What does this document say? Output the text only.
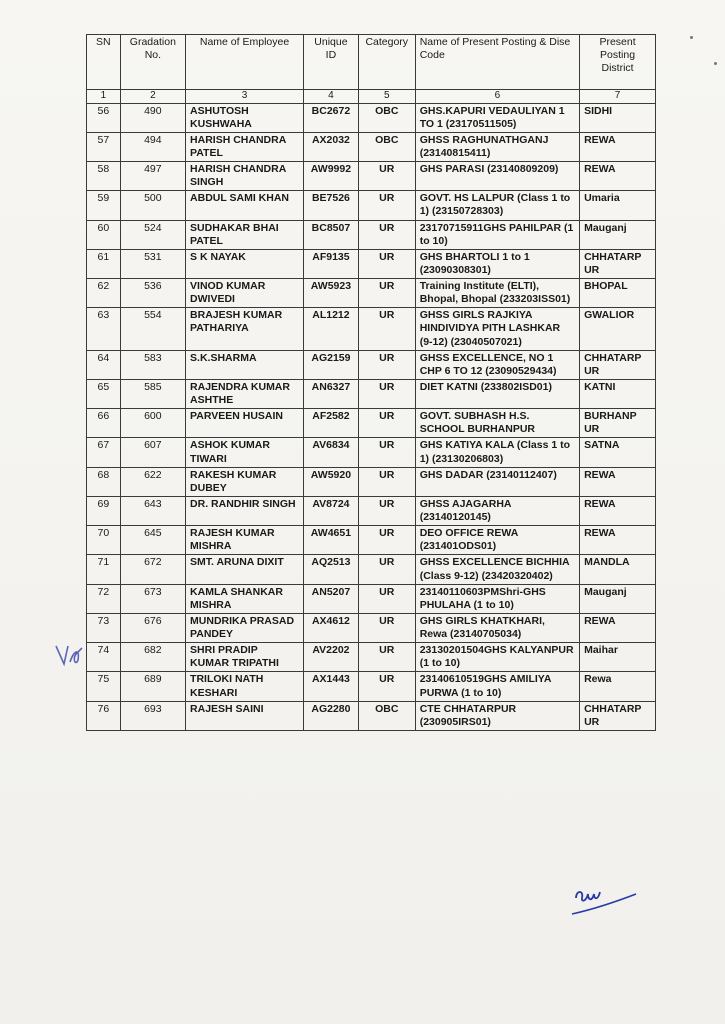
SN	Gradation No.	Name of Employee	Unique ID	Category	Name of Present Posting & Dise Code	Present Posting District
1	2	3	4	5	6	7
56	490	ASHUTOSH KUSHWAHA	BC2672	OBC	GHS.KAPURI VEDAULIYAN 1 TO 1 (23170511505)	SIDHI
57	494	HARISH CHANDRA PATEL	AX2032	OBC	GHSS RAGHUNATHGANJ (23140815411)	REWA
58	497	HARISH CHANDRA SINGH	AW9992	UR	GHS PARASI (23140809209)	REWA
59	500	ABDUL SAMI KHAN	BE7526	UR	GOVT. HS LALPUR (Class 1 to 1) (23150728303)	Umaria
60	524	SUDHAKAR BHAI PATEL	BC8507	UR	23170715911GHS PAHILPAR (1 to 10)	Mauganj
61	531	S K NAYAK	AF9135	UR	GHS BHARTOLI 1 to 1 (23090308301)	CHHATARP UR
62	536	VINOD KUMAR DWIVEDI	AW5923	UR	Training Institute (ELTI), Bhopal, Bhopal (233203ISS01)	BHOPAL
63	554	BRAJESH KUMAR PATHARIYA	AL1212	UR	GHSS GIRLS RAJKIYA HINDIVIDYA PITH LASHKAR (9-12) (23040507021)	GWALIOR
64	583	S.K.SHARMA	AG2159	UR	GHSS EXCELLENCE, NO 1 CHP 6 TO 12 (23090529434)	CHHATARP UR
65	585	RAJENDRA KUMAR ASHTHE	AN6327	UR	DIET KATNI (233802ISD01)	KATNI
66	600	PARVEEN HUSAIN	AF2582	UR	GOVT. SUBHASH H.S. SCHOOL BURHANPUR	BURHANP UR
67	607	ASHOK KUMAR TIWARI	AV6834	UR	GHS KATIYA KALA (Class 1 to 1) (23130206803)	SATNA
68	622	RAKESH KUMAR DUBEY	AW5920	UR	GHS DADAR (23140112407)	REWA
69	643	DR. RANDHIR SINGH	AV8724	UR	GHSS AJAGARHA (23140120145)	REWA
70	645	RAJESH KUMAR MISHRA	AW4651	UR	DEO OFFICE REWA (231401ODS01)	REWA
71	672	SMT. ARUNA DIXIT	AQ2513	UR	GHSS EXCELLENCE BICHHIA (Class 9-12) (23420320402)	MANDLA
72	673	KAMLA SHANKAR MISHRA	AN5207	UR	23140110603PMShri-GHS PHULAHA (1 to 10)	Mauganj
73	676	MUNDRIKA PRASAD PANDEY	AX4612	UR	GHS GIRLS KHATKHARI, Rewa (23140705034)	REWA
74	682	SHRI PRADIP KUMAR TRIPATHI	AV2202	UR	23130201504GHS KALYANPUR (1 to 10)	Maihar
75	689	TRILOKI NATH KESHARI	AX1443	UR	23140610519GHS AMILIYA PURWA (1 to 10)	Rewa
76	693	RAJESH SAINI	AG2280	OBC	CTE CHHATARPUR (230905IRS01)	CHHATARP UR
